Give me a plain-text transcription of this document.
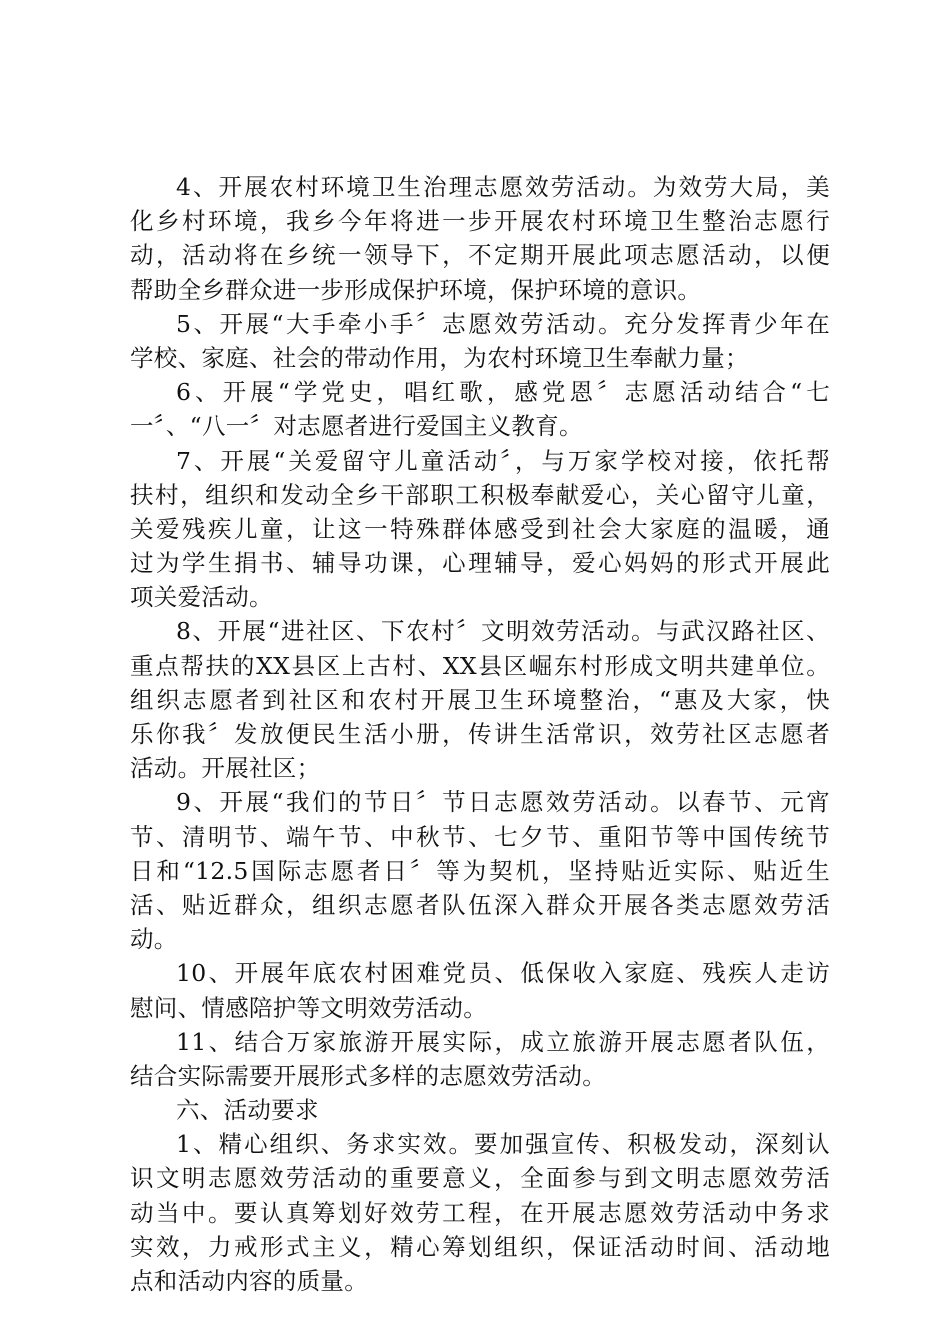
4、开展农村环境卫生治理志愿效劳活动。为效劳大局，美
化乡村环境，我乡今年将进一步开展农村环境卫生整治志愿行
动，活动将在乡统一领导下，不定期开展此项志愿活动，以便
帮助全乡群众进一步形成保护环境，保护环境的意识。
5、开展“大手牵小手〞志愿效劳活动。充分发挥青少年在
学校、家庭、社会的带动作用，为农村环境卫生奉献力量；
6、开展“学党史，唱红歌，感党恩〞志愿活动结合“七
一〞、“八一〞对志愿者进行爱国主义教育。
7、开展“关爱留守儿童活动〞，与万家学校对接，依托帮
扶村，组织和发动全乡干部职工积极奉献爱心，关心留守儿童，
关爱残疾儿童，让这一特殊群体感受到社会大家庭的温暖，通
过为学生捐书、辅导功课，心理辅导，爱心妈妈的形式开展此
项关爱活动。
8、开展“进社区、下农村〞文明效劳活动。与武汉路社区、
重点帮扶的XX县区上古村、XX县区崛东村形成文明共建单位。
组织志愿者到社区和农村开展卫生环境整治，“惠及大家，快
乐你我〞发放便民生活小册，传讲生活常识，效劳社区志愿者
活动。开展社区；
9、开展“我们的节日〞节日志愿效劳活动。以春节、元宵
节、清明节、端午节、中秋节、七夕节、重阳节等中国传统节
日和“12.5国际志愿者日〞等为契机，坚持贴近实际、贴近生
活、贴近群众，组织志愿者队伍深入群众开展各类志愿效劳活
动。
10、开展年底农村困难党员、低保收入家庭、残疾人走访
慰问、情感陪护等文明效劳活动。
11、结合万家旅游开展实际，成立旅游开展志愿者队伍，
结合实际需要开展形式多样的志愿效劳活动。
六、活动要求
1、精心组织、务求实效。要加强宣传、积极发动，深刻认
识文明志愿效劳活动的重要意义，全面参与到文明志愿效劳活
动当中。要认真筹划好效劳工程，在开展志愿效劳活动中务求
实效，力戒形式主义，精心筹划组织，保证活动时间、活动地
点和活动内容的质量。
